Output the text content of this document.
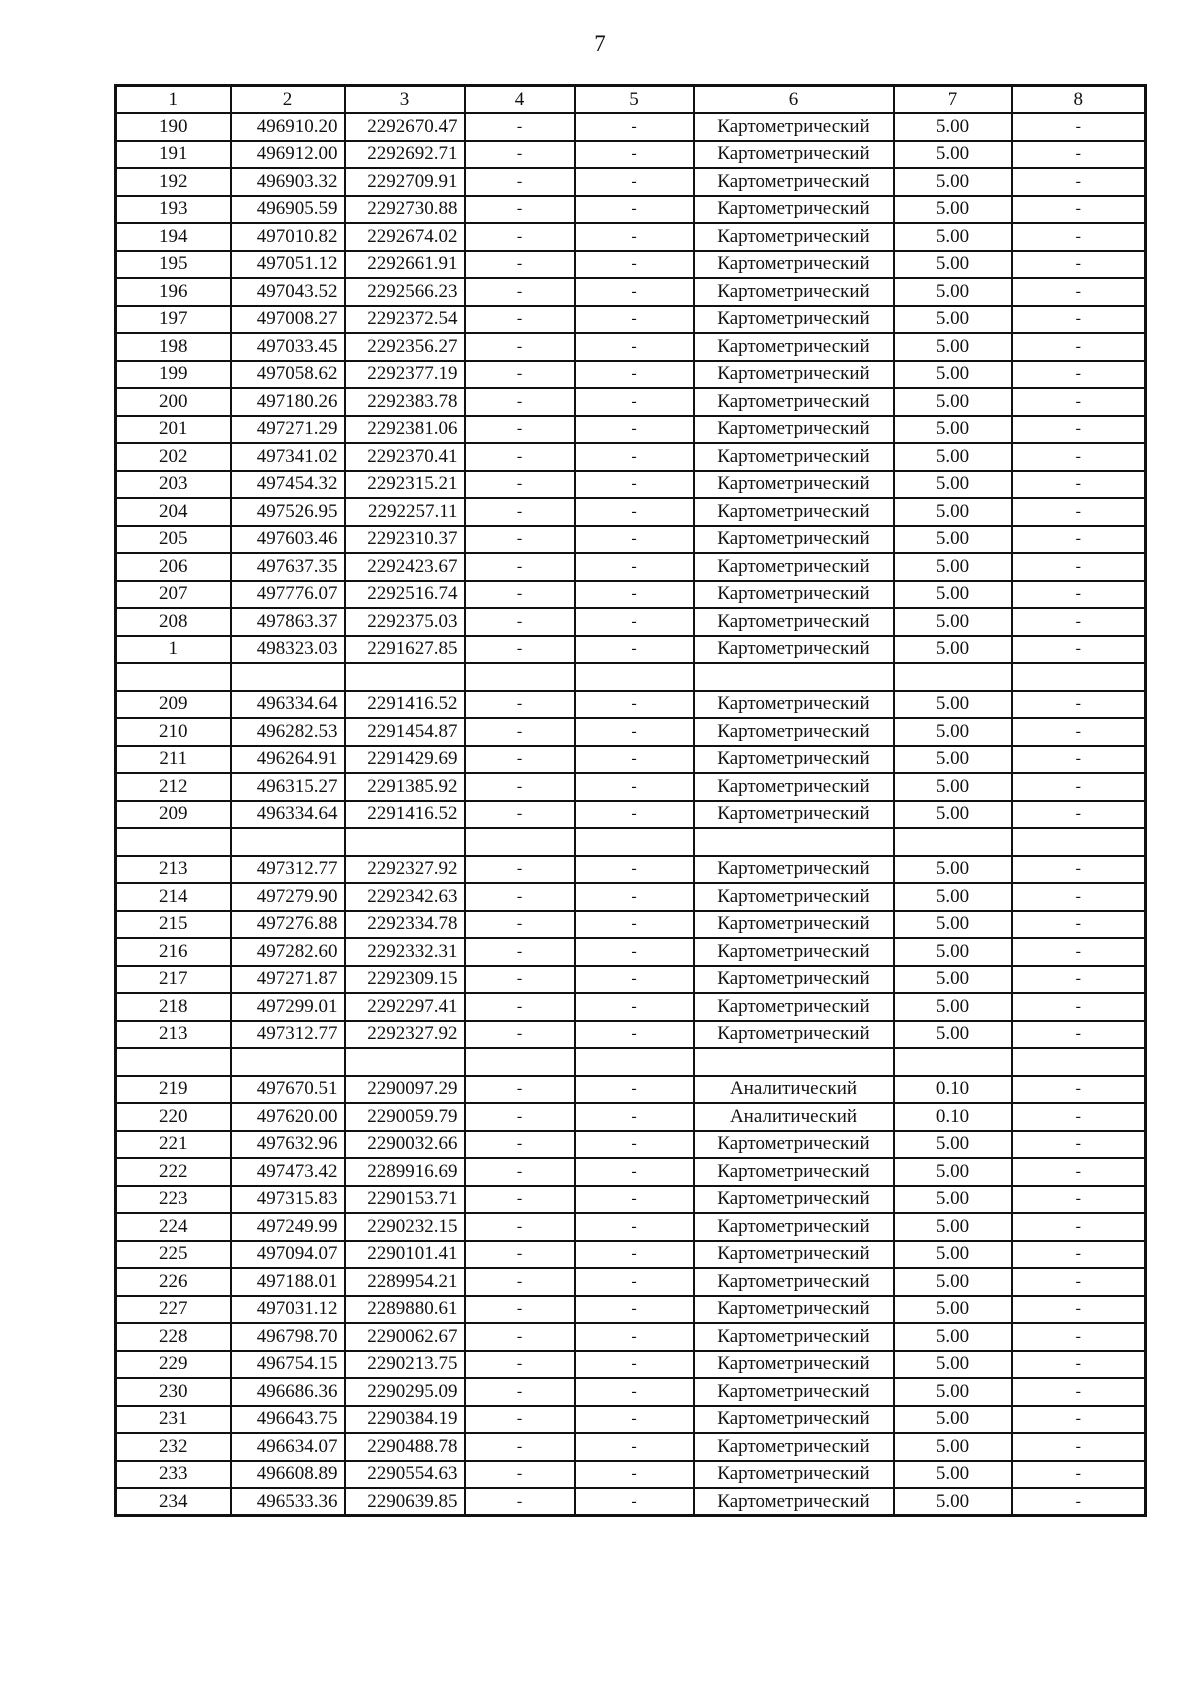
7
1	2	3	4	5	6	7	8
190	496910.20	2292670.47	-	-	Картометрический	5.00	-
191	496912.00	2292692.71	-	-	Картометрический	5.00	-
192	496903.32	2292709.91	-	-	Картометрический	5.00	-
193	496905.59	2292730.88	-	-	Картометрический	5.00	-
194	497010.82	2292674.02	-	-	Картометрический	5.00	-
195	497051.12	2292661.91	-	-	Картометрический	5.00	-
196	497043.52	2292566.23	-	-	Картометрический	5.00	-
197	497008.27	2292372.54	-	-	Картометрический	5.00	-
198	497033.45	2292356.27	-	-	Картометрический	5.00	-
199	497058.62	2292377.19	-	-	Картометрический	5.00	-
200	497180.26	2292383.78	-	-	Картометрический	5.00	-
201	497271.29	2292381.06	-	-	Картометрический	5.00	-
202	497341.02	2292370.41	-	-	Картометрический	5.00	-
203	497454.32	2292315.21	-	-	Картометрический	5.00	-
204	497526.95	2292257.11	-	-	Картометрический	5.00	-
205	497603.46	2292310.37	-	-	Картометрический	5.00	-
206	497637.35	2292423.67	-	-	Картометрический	5.00	-
207	497776.07	2292516.74	-	-	Картометрический	5.00	-
208	497863.37	2292375.03	-	-	Картометрический	5.00	-
1	498323.03	2291627.85	-	-	Картометрический	5.00	-

209	496334.64	2291416.52	-	-	Картометрический	5.00	-
210	496282.53	2291454.87	-	-	Картометрический	5.00	-
211	496264.91	2291429.69	-	-	Картометрический	5.00	-
212	496315.27	2291385.92	-	-	Картометрический	5.00	-
209	496334.64	2291416.52	-	-	Картометрический	5.00	-

213	497312.77	2292327.92	-	-	Картометрический	5.00	-
214	497279.90	2292342.63	-	-	Картометрический	5.00	-
215	497276.88	2292334.78	-	-	Картометрический	5.00	-
216	497282.60	2292332.31	-	-	Картометрический	5.00	-
217	497271.87	2292309.15	-	-	Картометрический	5.00	-
218	497299.01	2292297.41	-	-	Картометрический	5.00	-
213	497312.77	2292327.92	-	-	Картометрический	5.00	-

219	497670.51	2290097.29	-	-	Аналитический	0.10	-
220	497620.00	2290059.79	-	-	Аналитический	0.10	-
221	497632.96	2290032.66	-	-	Картометрический	5.00	-
222	497473.42	2289916.69	-	-	Картометрический	5.00	-
223	497315.83	2290153.71	-	-	Картометрический	5.00	-
224	497249.99	2290232.15	-	-	Картометрический	5.00	-
225	497094.07	2290101.41	-	-	Картометрический	5.00	-
226	497188.01	2289954.21	-	-	Картометрический	5.00	-
227	497031.12	2289880.61	-	-	Картометрический	5.00	-
228	496798.70	2290062.67	-	-	Картометрический	5.00	-
229	496754.15	2290213.75	-	-	Картометрический	5.00	-
230	496686.36	2290295.09	-	-	Картометрический	5.00	-
231	496643.75	2290384.19	-	-	Картометрический	5.00	-
232	496634.07	2290488.78	-	-	Картометрический	5.00	-
233	496608.89	2290554.63	-	-	Картометрический	5.00	-
234	496533.36	2290639.85	-	-	Картометрический	5.00	-
